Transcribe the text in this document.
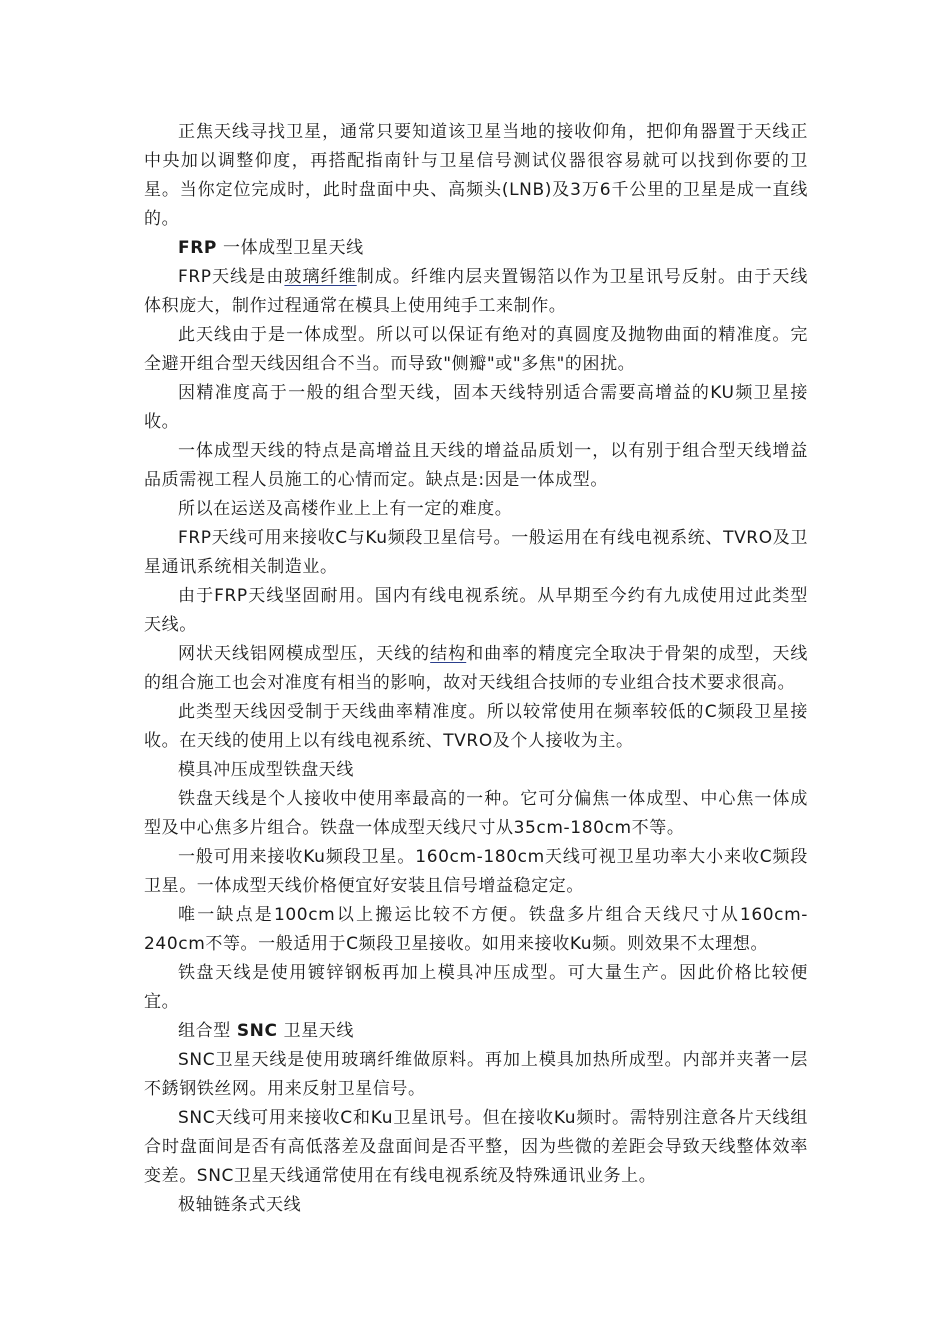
正焦天线寻找卫星，通常只要知道该卫星当地的接收仰角，把仰角器置于天线正中央加以调整仰度，再搭配指南针与卫星信号测试仪器很容易就可以找到你要的卫星。当你定位完成时，此时盘面中央、高频头(LNB)及3万6千公里的卫星是成一直线的。

FRP 一体成型卫星天线

FRP天线是由玻璃纤维制成。纤维内层夹置锡箔以作为卫星讯号反射。由于天线体积庞大，制作过程通常在模具上使用纯手工来制作。

此天线由于是一体成型。所以可以保证有绝对的真圆度及抛物曲面的精准度。完全避开组合型天线因组合不当。而导致"侧瓣"或"多焦"的困扰。

因精准度高于一般的组合型天线，固本天线特别适合需要高增益的KU频卫星接收。

一体成型天线的特点是高增益且天线的增益品质划一，以有别于组合型天线增益品质需视工程人员施工的心情而定。缺点是:因是一体成型。

所以在运送及高楼作业上上有一定的难度。

FRP天线可用来接收C与Ku频段卫星信号。一般运用在有线电视系统、TVRO及卫星通讯系统相关制造业。

由于FRP天线坚固耐用。国内有线电视系统。从早期至今约有九成使用过此类型天线。

网状天线铝网模成型压，天线的结构和曲率的精度完全取决于骨架的成型，天线的组合施工也会对准度有相当的影响，故对天线组合技师的专业组合技术要求很高。

此类型天线因受制于天线曲率精准度。所以较常使用在频率较低的C频段卫星接收。在天线的使用上以有线电视系统、TVRO及个人接收为主。

模具冲压成型铁盘天线

铁盘天线是个人接收中使用率最高的一种。它可分偏焦一体成型、中心焦一体成型及中心焦多片组合。铁盘一体成型天线尺寸从35cm-180cm不等。

一般可用来接收Ku频段卫星。160cm-180cm天线可视卫星功率大小来收C频段卫星。一体成型天线价格便宜好安装且信号增益稳定定。

唯一缺点是100cm以上搬运比较不方便。铁盘多片组合天线尺寸从160cm-240cm不等。一般适用于C频段卫星接收。如用来接收Ku频。则效果不太理想。

铁盘天线是使用镀锌钢板再加上模具冲压成型。可大量生产。因此价格比较便宜。

组合型 SNC 卫星天线

SNC卫星天线是使用玻璃纤维做原料。再加上模具加热所成型。内部并夹著一层不銹钢铁丝网。用来反射卫星信号。

SNC天线可用来接收C和Ku卫星讯号。但在接收Ku频时。需特别注意各片天线组合时盘面间是否有高低落差及盘面间是否平整，因为些微的差距会导致天线整体效率变差。SNC卫星天线通常使用在有线电视系统及特殊通讯业务上。

极轴链条式天线
